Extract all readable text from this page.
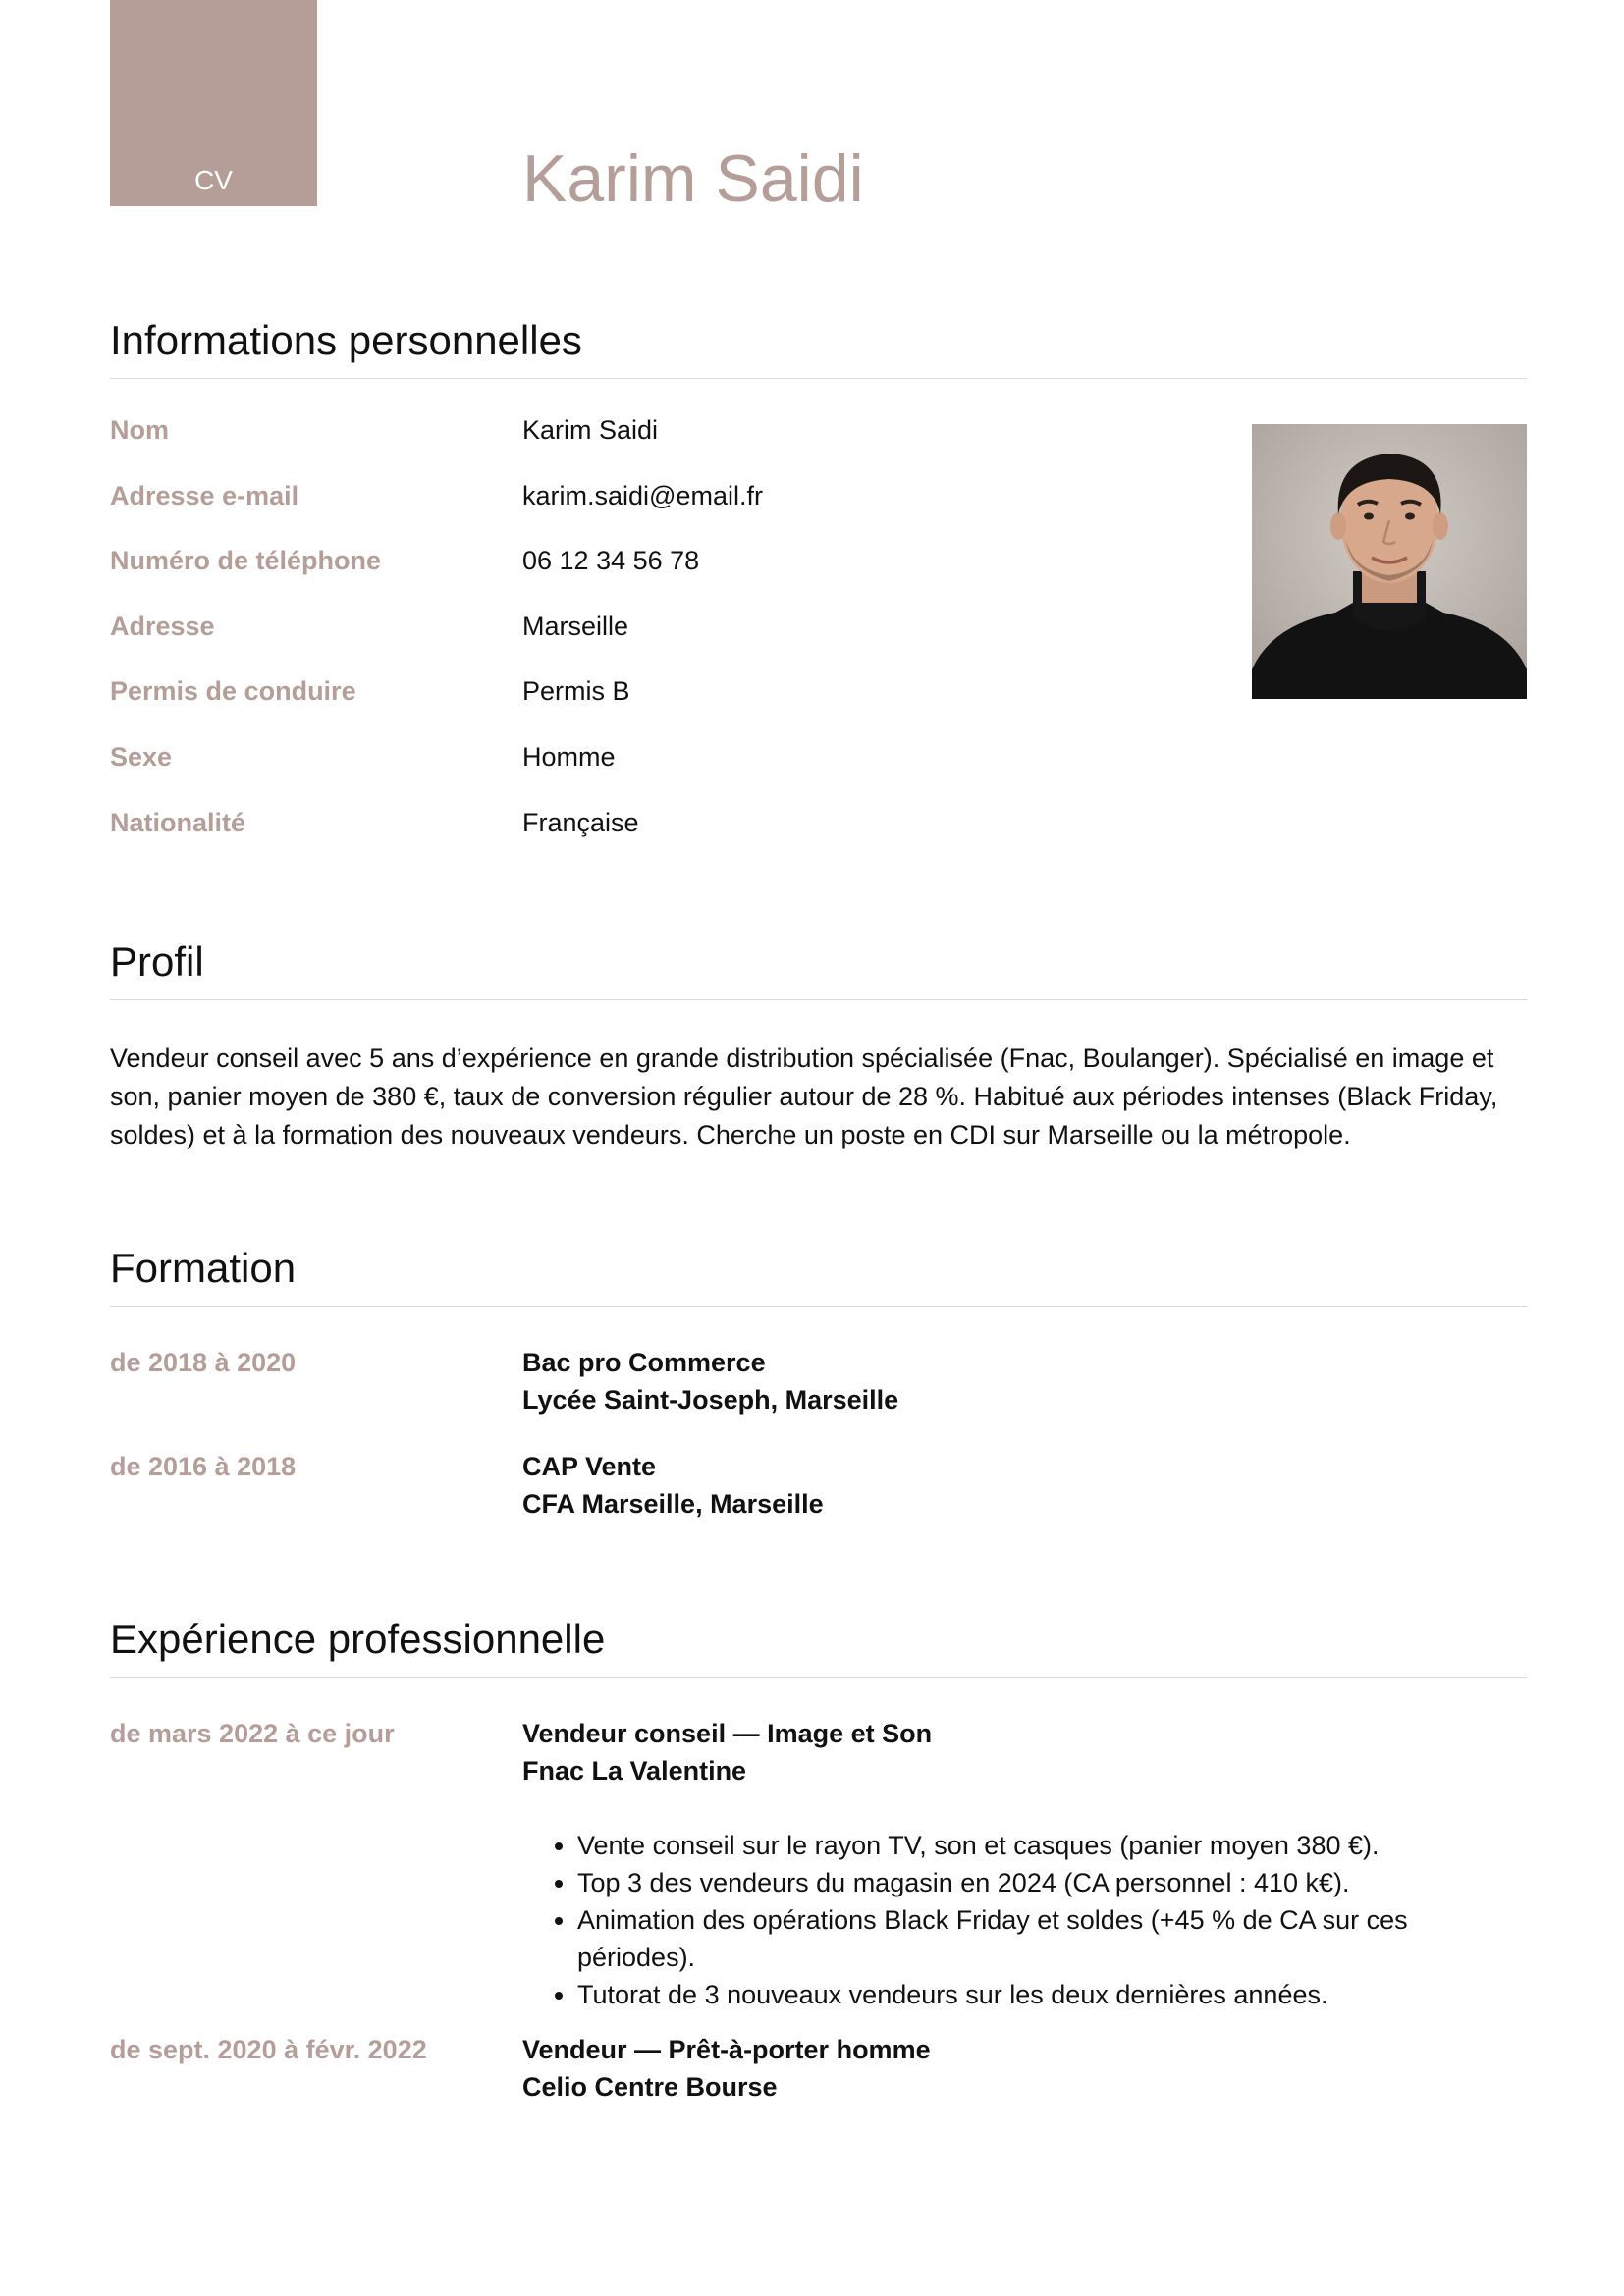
CV	Karim Saidi
Informations personnelles
Nom	Karim Saidi
Adresse e-mail	karim.saidi@email.fr
Numéro de téléphone	06 12 34 56 78
Adresse	Marseille
Permis de conduire	Permis B
Sexe	Homme
Nationalité	Française
Profil

Vendeur conseil avec 5 ans d’expérience en grande distribution spécialisée (Fnac, Boulanger). Spécialisé en image et son, panier moyen de 380 €, taux de conversion régulier autour de 28 %. Habitué aux périodes intenses (Black Friday, soldes) et à la formation des nouveaux vendeurs. Cherche un poste en CDI sur Marseille ou la métropole.

Formation
de 2018 à 2020	Bac pro Commerce
Lycée Saint-Joseph, Marseille
de 2016 à 2018	CAP Vente
CFA Marseille, Marseille
Expérience professionnelle
de mars 2022 à ce jour	Vendeur conseil — Image et Son
Fnac La Valentine
• Vente conseil sur le rayon TV, son et casques (panier moyen 380 €).
• Top 3 des vendeurs du magasin en 2024 (CA personnel : 410 k€).
• Animation des opérations Black Friday et soldes (+45 % de CA sur ces périodes).
• Tutorat de 3 nouveaux vendeurs sur les deux dernières années.
de sept. 2020 à févr. 2022	Vendeur — Prêt-à-porter homme
Celio Centre Bourse
